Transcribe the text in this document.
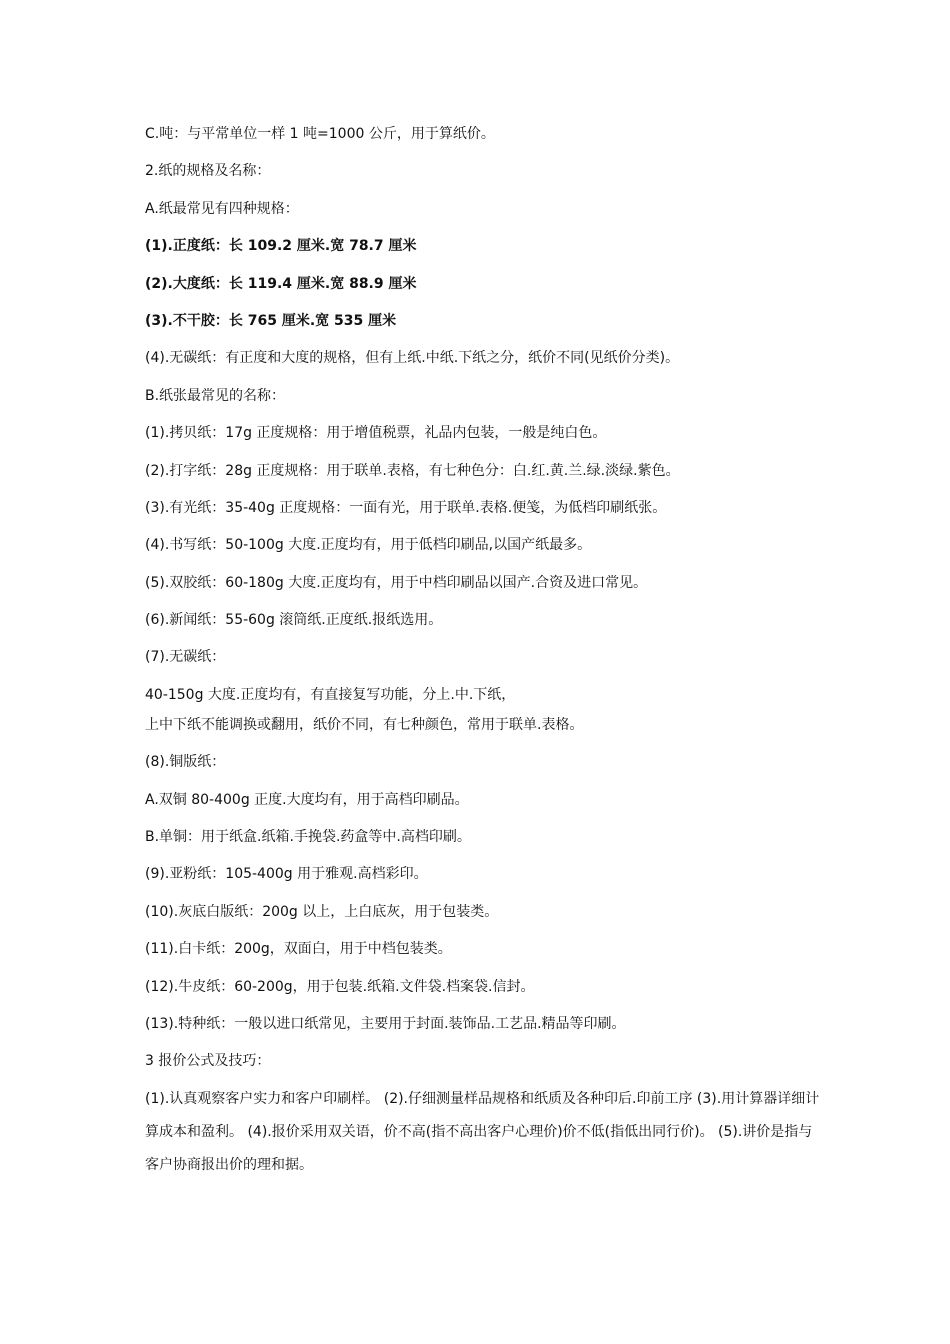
C.吨：与平常单位一样 1 吨=1000 公斤，用于算纸价。
2.纸的规格及名称：
A.纸最常见有四种规格：
(1).正度纸：长 109.2 厘米.宽 78.7 厘米
(2).大度纸：长 119.4 厘米.宽 88.9 厘米
(3).不干胶：长 765 厘米.宽 535 厘米
(4).无碳纸：有正度和大度的规格，但有上纸.中纸.下纸之分，纸价不同(见纸价分类)。
B.纸张最常见的名称：
(1).拷贝纸：17g 正度规格：用于增值税票，礼品内包装，一般是纯白色。
(2).打字纸：28g 正度规格：用于联单.表格，有七种色分：白.红.黄.兰.绿.淡绿.紫色。
(3).有光纸：35-40g 正度规格：一面有光，用于联单.表格.便笺，为低档印刷纸张。
(4).书写纸：50-100g 大度.正度均有，用于低档印刷品,以国产纸最多。
(5).双胶纸：60-180g 大度.正度均有，用于中档印刷品以国产.合资及进口常见。
(6).新闻纸：55-60g 滚筒纸.正度纸.报纸选用。
(7).无碳纸：
40-150g 大度.正度均有，有直接复写功能，分上.中.下纸，
上中下纸不能调换或翻用，纸价不同，有七种颜色，常用于联单.表格。
(8).铜版纸：
A.双铜 80-400g 正度.大度均有，用于高档印刷品。
B.单铜：用于纸盒.纸箱.手挽袋.药盒等中.高档印刷。
(9).亚粉纸：105-400g 用于雅观.高档彩印。
(10).灰底白版纸：200g 以上，上白底灰，用于包装类。
(11).白卡纸：200g，双面白，用于中档包装类。
(12).牛皮纸：60-200g，用于包装.纸箱.文件袋.档案袋.信封。
(13).特种纸：一般以进口纸常见，主要用于封面.装饰品.工艺品.精品等印刷。
3 报价公式及技巧：
(1).认真观察客户实力和客户印刷样。 (2).仔细测量样品规格和纸质及各种印后.印前工序 (3).用计算器详细计算成本和盈利。 (4).报价采用双关语，价不高(指不高出客户心理价)价不低(指低出同行价)。 (5).讲价是指与客户协商报出价的理和据。
